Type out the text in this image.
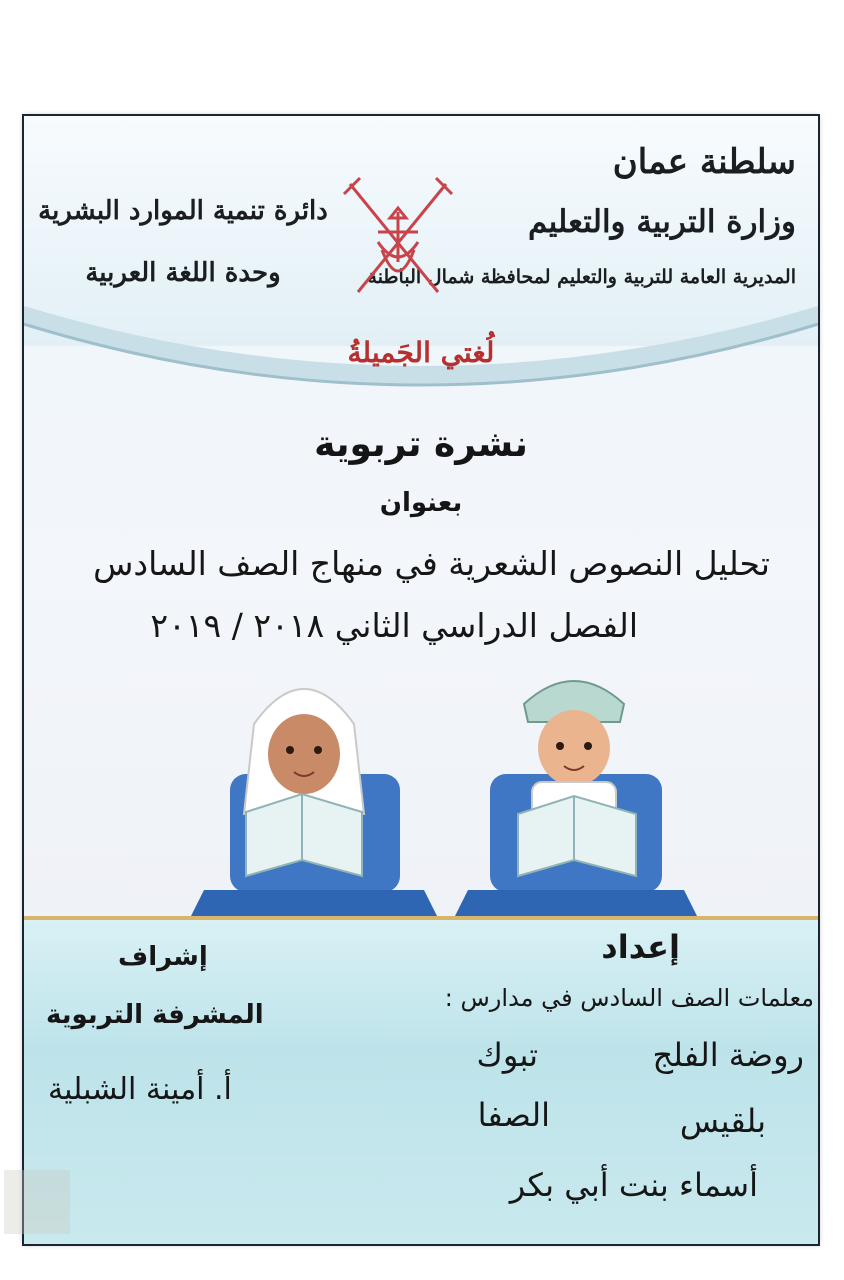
سلطنة عمان
وزارة التربية والتعليم
المديرية العامة للتربية والتعليم لمحافظة شمال الباطنة
دائرة تنمية الموارد البشرية
وحدة اللغة العربية
لُغتي الجَميلةُ
نشرة تربوية
بعنوان
تحليل النصوص الشعرية في منهاج الصف السادس
الفصل الدراسي الثاني ٢٠١٨ / ٢٠١٩
إعداد
معلمات الصف السادس في مدارس :
روضة الفلج
تبوك
بلقيس
الصفا
أسماء بنت أبي بكر
إشراف
المشرفة التربوية
أ. أمينة الشبلية
